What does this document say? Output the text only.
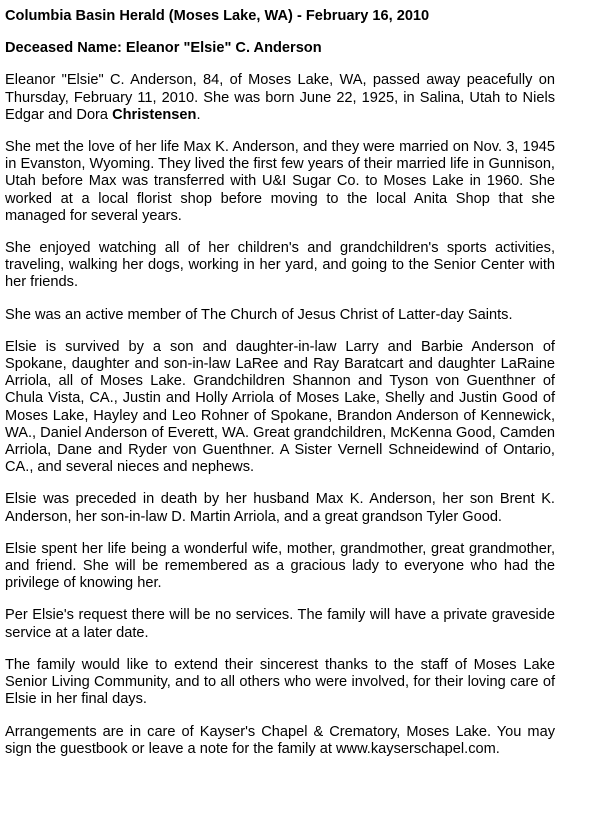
Columbia Basin Herald (Moses Lake, WA) - February 16, 2010
Deceased Name: Eleanor "Elsie" C. Anderson

Eleanor "Elsie" C. Anderson, 84, of Moses Lake, WA, passed away peacefully on Thursday, February 11, 2010. She was born June 22, 1925, in Salina, Utah to Niels Edgar and Dora Christensen.

She met the love of her life Max K. Anderson, and they were married on Nov. 3, 1945 in Evanston, Wyoming. They lived the first few years of their married life in Gunnison, Utah before Max was transferred with U&I Sugar Co. to Moses Lake in 1960. She worked at a local florist shop before moving to the local Anita Shop that she managed for several years.

She enjoyed watching all of her children's and grandchildren's sports activities, traveling, walking her dogs, working in her yard, and going to the Senior Center with her friends.

She was an active member of The Church of Jesus Christ of Latter-day Saints.

Elsie is survived by a son and daughter-in-law Larry and Barbie Anderson of Spokane, daughter and son-in-law LaRee and Ray Baratcart and daughter LaRaine Arriola, all of Moses Lake. Grandchildren Shannon and Tyson von Guenthner of Chula Vista, CA., Justin and Holly Arriola of Moses Lake, Shelly and Justin Good of Moses Lake, Hayley and Leo Rohner of Spokane, Brandon Anderson of Kennewick, WA., Daniel Anderson of Everett, WA. Great grandchildren, McKenna Good, Camden Arriola, Dane and Ryder von Guenthner. A Sister Vernell Schneidewind of Ontario, CA., and several nieces and nephews.

Elsie was preceded in death by her husband Max K. Anderson, her son Brent K. Anderson, her son-in-law D. Martin Arriola, and a great grandson Tyler Good.

Elsie spent her life being a wonderful wife, mother, grandmother, great grandmother, and friend. She will be remembered as a gracious lady to everyone who had the privilege of knowing her.

Per Elsie's request there will be no services. The family will have a private graveside service at a later date.

The family would like to extend their sincerest thanks to the staff of Moses Lake Senior Living Community, and to all others who were involved, for their loving care of Elsie in her final days.

Arrangements are in care of Kayser's Chapel & Crematory, Moses Lake. You may sign the guestbook or leave a note for the family at www.kayserschapel.com.
